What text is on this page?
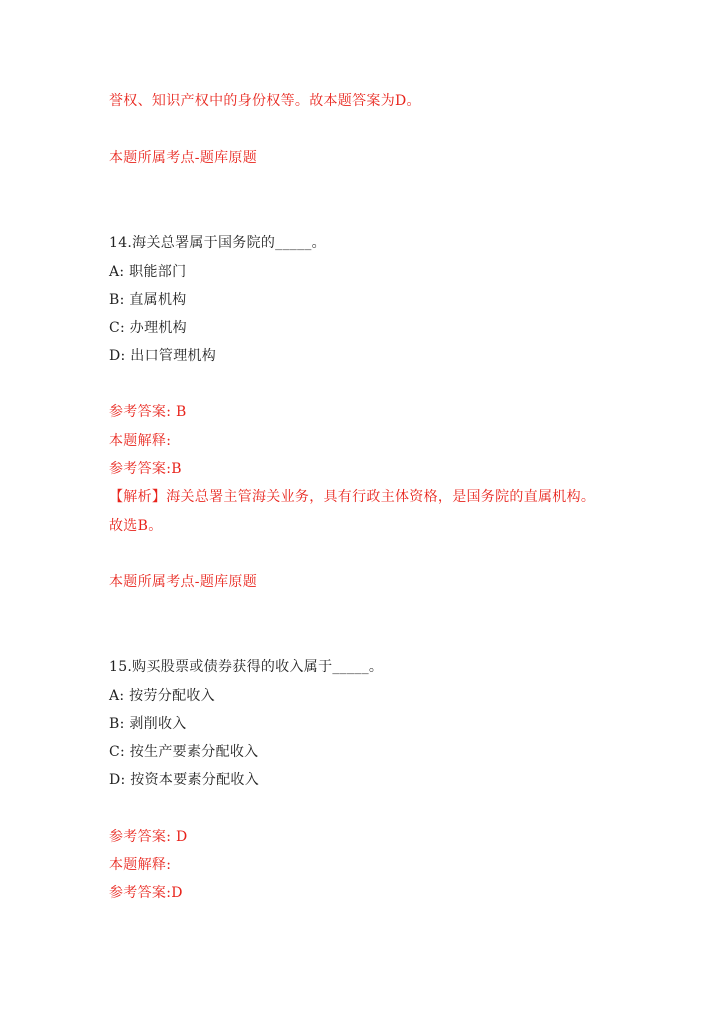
誉权、知识产权中的身份权等。故本题答案为D。
本题所属考点-题库原题
14.海关总署属于国务院的_____。
A: 职能部门
B: 直属机构
C: 办理机构
D: 出口管理机构
参考答案: B
本题解释:
参考答案:B
【解析】海关总署主管海关业务，具有行政主体资格，是国务院的直属机构。
故选B。
本题所属考点-题库原题
15.购买股票或债券获得的收入属于_____。
A: 按劳分配收入
B: 剥削收入
C: 按生产要素分配收入
D: 按资本要素分配收入
参考答案: D
本题解释:
参考答案:D
